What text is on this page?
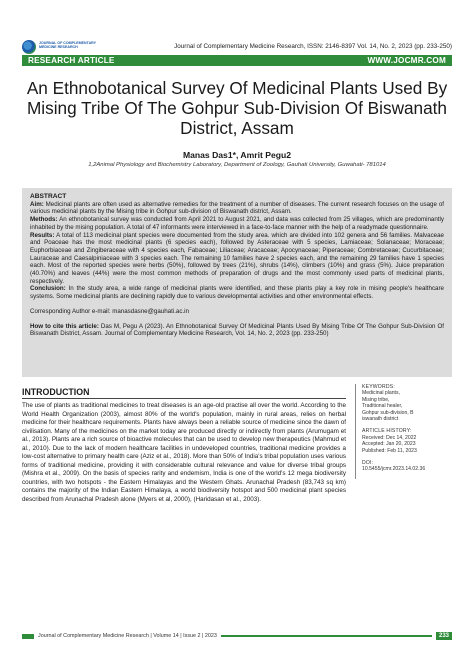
JOURNAL OF COMPLEMENTARY MEDICINE RESEARCH	Journal of Complementary Medicine Research, ISSN: 2146-8397 Vol. 14, No. 2, 2023 (pp. 233-250)
RESEARCH ARTICLE	WWW.JOCMR.COM
An Ethnobotanical Survey Of Medicinal Plants Used By Mising Tribe Of The Gohpur Sub-Division Of Biswanath District, Assam
Manas Das1*, Amrit Pegu2
1,2Animal Physiology and Biochemistry Laboratory, Department of Zoology, Gauhati University, Guwahati- 781014

ABSTRACT

Aim: Medicinal plants are often used as alternative remedies for the treatment of a number of diseases. The current research focuses on the usage of various medicinal plants by the Mising tribe in Gohpur sub-division of Biswanath district, Assam.

Methods: An ethnobotanical survey was conducted from April 2021 to August 2021, and data was collected from 25 villages, which are predominantly inhabited by the mising population. A total of 47 informants were interviewed in a face-to-face manner with the help of a readymade questionnaire.

Results: A total of 113 medicinal plant species were documented from the study area. which are divided into 102 genera and 56 families. Malvaceae and Poaceae has the most medicinal plants (6 species each), followed by Asteraceae with 5 species, Lamiaceae; Solanaceae; Moraceae; Euphorbiaceae and Zingiberaceae with 4 species each, Fabaceae; Liliaceae; Aracaceae; Apocynaceae; Piperaceae; Combretaceae; Cucurbitaceae; Lauraceae and Caesalpiniaceae with 3 species each. The remaining 10 families have 2 species each, and the remaining 29 families have 1 species each. Most of the reported species were herbs (50%), followed by trees (21%), shrubs (14%), climbers (10%) and grass (5%). Juice preparation (40.70%) and leaves (44%) were the most common methods of preparation of drugs and the most commonly used parts of medicinal plants, respectively.

Conclusion: In the study area, a wide range of medicinal plants were identified, and these plants play a key role in mising people's healthcare systems. Some medicinal plants are declining rapidly due to various developmental activities and other environmental effects.

Corresponding Author e-mail: manasdasne@gauhati.ac.in

How to cite this article: Das M, Pegu A (2023). An Ethnobotanical Survey Of Medicinal Plants Used By Mising Tribe Of The Gohpur Sub-Division Of Biswanath District, Assam. Journal of Complementary Medicine Research, Vol. 14, No. 2, 2023 (pp. 233-250)

INTRODUCTION

The use of plants as traditional medicines to treat diseases is an age-old practise all over the world. According to the World Health Organization (2003), almost 80% of the world's population, mainly in rural areas, relies on herbal medicine for their healthcare requirements. Plants have always been a reliable source of medicine since the dawn of civilisation. Many of the medicines on the market today are produced directly or indirectly from plants (Arumugam et al., 2013). Plants are a rich source of bioactive molecules that can be used to develop new therapeutics (Mahmud et al., 2010). Due to the lack of modern healthcare facilities in undeveloped countries, traditional medicine provides a low-cost alternative to primary health care (Aziz et al., 2018). More than 50% of India's tribal population uses various forms of traditional medicine, providing it with considerable cultural relevance and value for diverse tribal groups (Mishra et al., 2009). On the basis of species rarity and endemism, India is one of the world's 12 mega biodiversity countries, with two hotspots - the Eastern Himalayas and the Western Ghats. Arunachal Pradesh (83,743 sq km) contains the majority of the Indian Eastern Himalaya, a world biodiversity hotspot and 500 medicinal plant species described from Arunachal Pradesh alone (Myers et al, 2000), (Haridasan et al., 2003).

KEYWORDS:
Medicinal plants,
Mising tribe,
Traditional healer,
Gohpur sub-division, B
iswanath district
ARTICLE HISTORY:
Received: Dec 14, 2022
Accepted: Jan 20, 2023
Published: Feb 11, 2023
DOI:
10.5455/jcmr.2023.14.02.36
Journal of Complementary Medicine Research | Volume 14 | Issue 2 | 2023	233
